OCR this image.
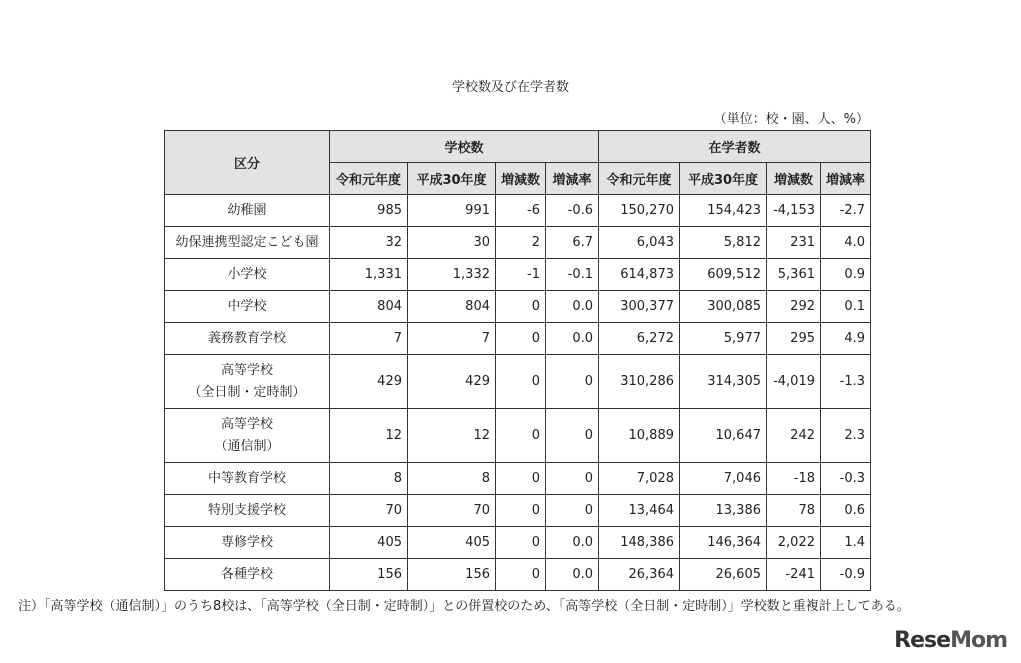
学校数及び在学者数
（単位：校・園、人、%）
区分	学校数				在学者数			
	令和元年度	平成30年度	増減数	増減率	令和元年度	平成30年度	増減数	増減率

幼稚園	985	991	-6	-0.6	150,270	154,423	-4,153	-2.7

幼保連携型認定こども園	32	30	2	6.7	6,043	5,812	231	4.0

小学校	1,331	1,332	-1	-0.1	614,873	609,512	5,361	0.9

中学校	804	804	0	0.0	300,377	300,085	292	0.1

義務教育学校	7	7	0	0.0	6,272	5,977	295	4.9

高等学校
（全日制・定時制）	429	429	0	0	310,286	314,305	-4,019	-1.3

高等学校
（通信制）	12	12	0	0	10,889	10,647	242	2.3

中等教育学校	8	8	0	0	7,028	7,046	-18	-0.3

特別支援学校	70	70	0	0	13,464	13,386	78	0.6

専修学校	405	405	0	0.0	148,386	146,364	2,022	1.4

各種学校	156	156	0	0.0	26,364	26,605	-241	-0.9
注）「高等学校（通信制）」のうち8校は、「高等学校（全日制・定時制）」との併置校のため、「高等学校（全日制・定時制）」学校数と重複計上してある。
ReseMom
